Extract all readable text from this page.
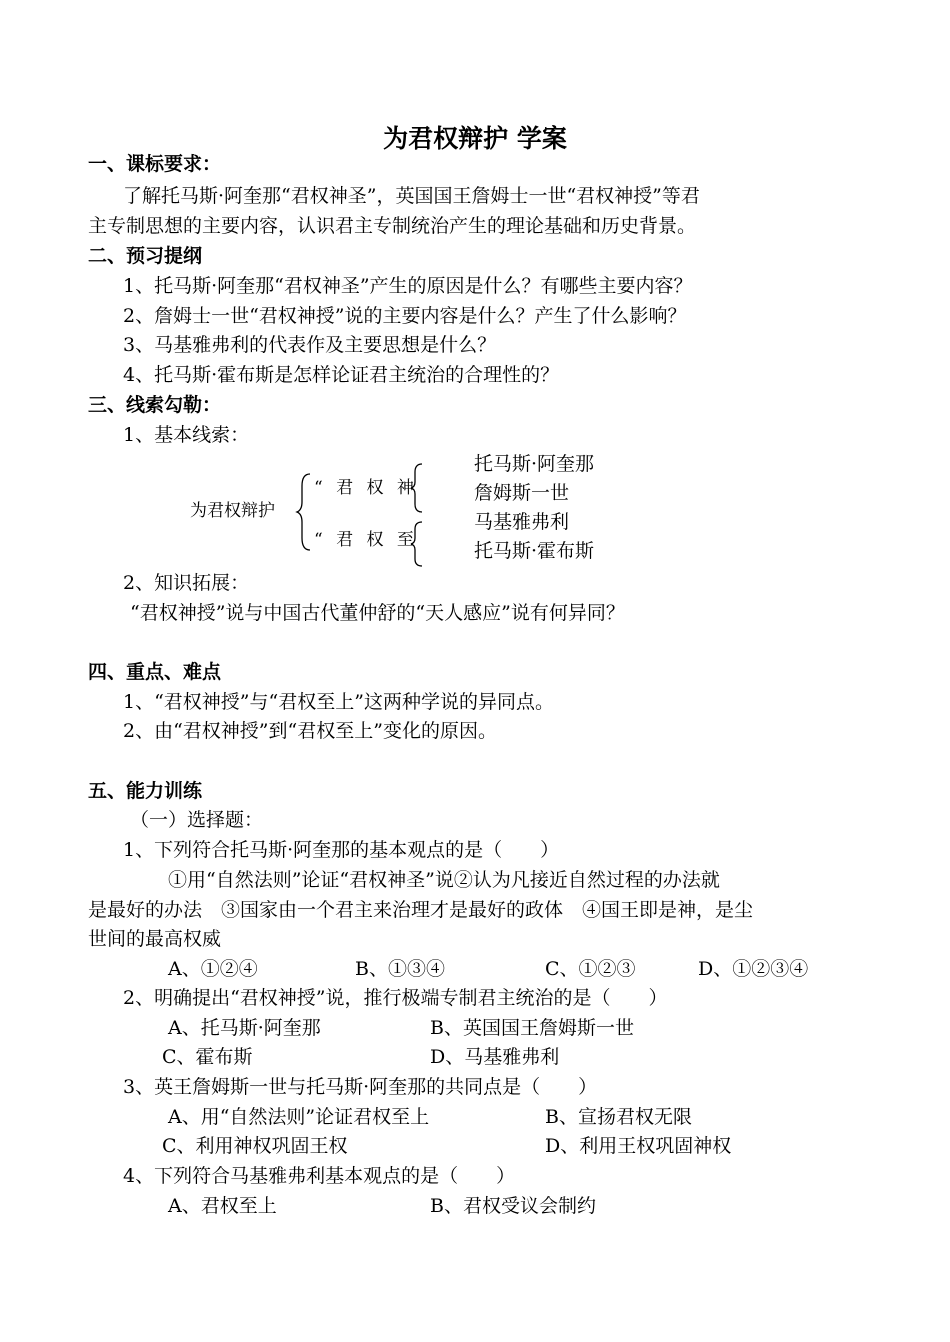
为君权辩护 学案
一、课标要求：
了解托马斯·阿奎那“君权神圣”，英国国王詹姆士一世“君权神授”等君
主专制思想的主要内容，认识君主专制统治产生的理论基础和历史背景。
二、预习提纲
1、托马斯·阿奎那“君权神圣”产生的原因是什么？有哪些主要内容？
2、詹姆士一世“君权神授”说的主要内容是什么？产生了什么影响？
3、马基雅弗利的代表作及主要思想是什么？
4、托马斯·霍布斯是怎样论证君主统治的合理性的？
三、线索勾勒：
1、基本线索：
为君权辩护
“ 君 权 神
“ 君 权 至
托马斯·阿奎那
詹姆斯一世
马基雅弗利
托马斯·霍布斯
2、知识拓展：
“君权神授”说与中国古代董仲舒的“天人感应”说有何异同？
四、重点、难点
1、“君权神授”与“君权至上”这两种学说的异同点。
2、由“君权神授”到“君权至上”变化的原因。
五、能力训练
（一）选择题：
1、下列符合托马斯·阿奎那的基本观点的是（　　）
①用“自然法则”论证“君权神圣”说②认为凡接近自然过程的办法就
是最好的办法　③国家由一个君主来治理才是最好的政体　④国王即是神，是尘
世间的最高权威
A、①②④	B、①③④	C、①②③	D、①②③④
2、明确提出“君权神授”说，推行极端专制君主统治的是（　　）
A、托马斯·阿奎那	B、英国国王詹姆斯一世
C、霍布斯	D、马基雅弗利
3、英王詹姆斯一世与托马斯·阿奎那的共同点是（　　）
A、用“自然法则”论证君权至上	B、宣扬君权无限
C、利用神权巩固王权	D、利用王权巩固神权
4、下列符合马基雅弗利基本观点的是（　　）
A、君权至上	B、君权受议会制约
